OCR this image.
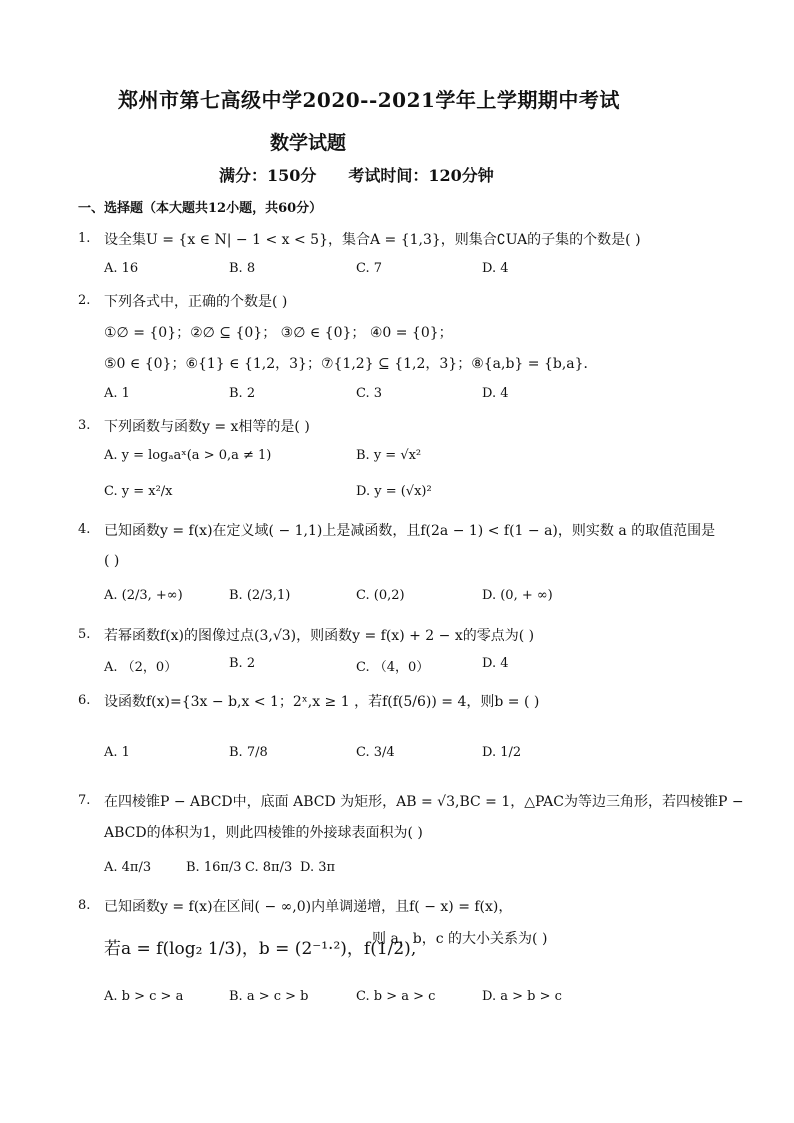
郑州市第七高级中学2020--2021学年上学期期中考试
数学试题
满分：150分 考试时间：120分钟
一、选择题（本大题共12小题，共60分）
1. 设全集U = {x ∈ N| − 1 < x < 5}，集合A = {1,3}，则集合∁UA的子集的个数是( )
A. 16	B. 8	C. 7	D. 4
2. 下列各式中，正确的个数是( )
①∅ = {0}；②∅ ⊆ {0}； ③∅ ∈ {0}； ④0 = {0}；
⑤0 ∈ {0}；⑥{1} ∈ {1,2，3}；⑦{1,2} ⊆ {1,2，3}；⑧{a,b} = {b,a}．
A. 1	B. 2	C. 3	D. 4
3. 下列函数与函数y = x相等的是( )
A. y = logₐaˣ(a > 0,a ≠ 1)	B. y = √x²
C. y = x²/x	D. y = (√x)²
4. 已知函数y = f(x)在定义域( − 1,1)上是减函数，且f(2a − 1) < f(1 − a)，则实数 a 的取值范围是
( )
A. (2/3, +∞)	B. (2/3,1)	C. (0,2)	D. (0, + ∞)
5. 若幂函数f(x)的图像过点(3,√3)，则函数y = f(x) + 2 − x的零点为( )
A. （2，0）	B. 2	C. （4，0）	D. 4
6. 设函数f(x)={3x − b,x < 1；2ˣ,x ≥ 1 ，若f(f(5/6)) = 4，则b = ( )
A. 1	B. 7/8	C. 3/4	D. 1/2
7. 在四棱锥P − ABCD中，底面 ABCD 为矩形，AB = √3,BC = 1，△PAC为等边三角形，若四棱锥P −
ABCD的体积为1，则此四棱锥的外接球表面积为( )
A. 4π/3	B. 16π/3 C. 8π/3 D. 3π
8. 已知函数y = f(x)在区间( − ∞,0)内单调递增，且f( − x) = f(x)，
若a = f(log₂ 1/3)，b = (2⁻¹·²)，f(1/2),
则 a，b，c 的大小关系为( )
A. b > c > a	B. a > c > b	C. b > a > c	D. a > b > c
